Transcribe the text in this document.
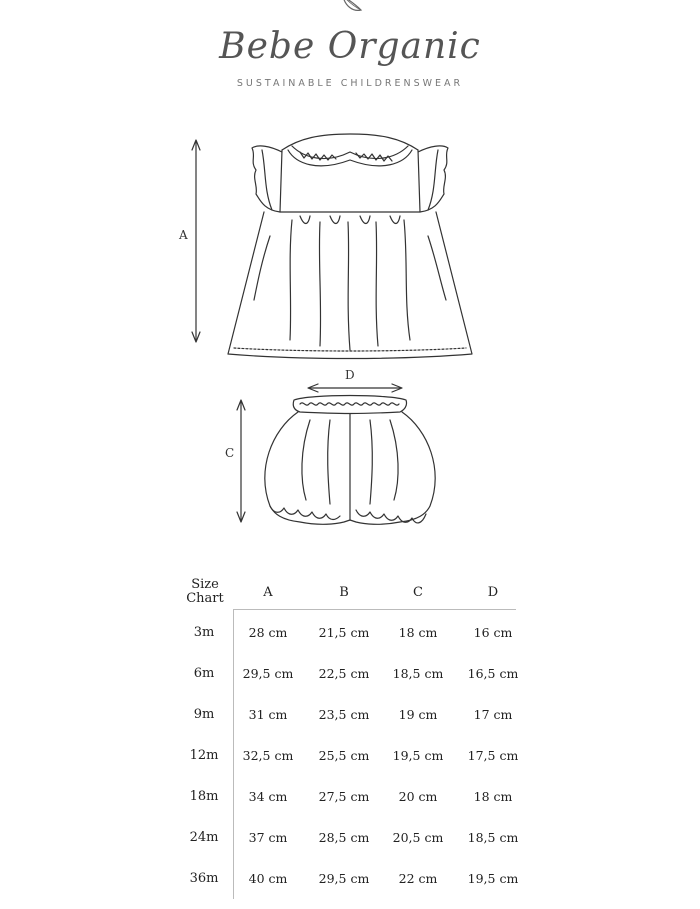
Bebe Organic
SUSTAINABLE CHILDRENSWEAR
A
D
C
Size
Chart	A	B	C	D
3m	28 cm	21,5 cm	18 cm	16 cm
6m	29,5 cm	22,5 cm	18,5 cm	16,5 cm
9m	31 cm	23,5 cm	19 cm	17 cm
12m	32,5 cm	25,5 cm	19,5 cm	17,5 cm
18m	34 cm	27,5 cm	20 cm	18 cm
24m	37 cm	28,5 cm	20,5 cm	18,5 cm
36m	40 cm	29,5 cm	22 cm	19,5 cm
